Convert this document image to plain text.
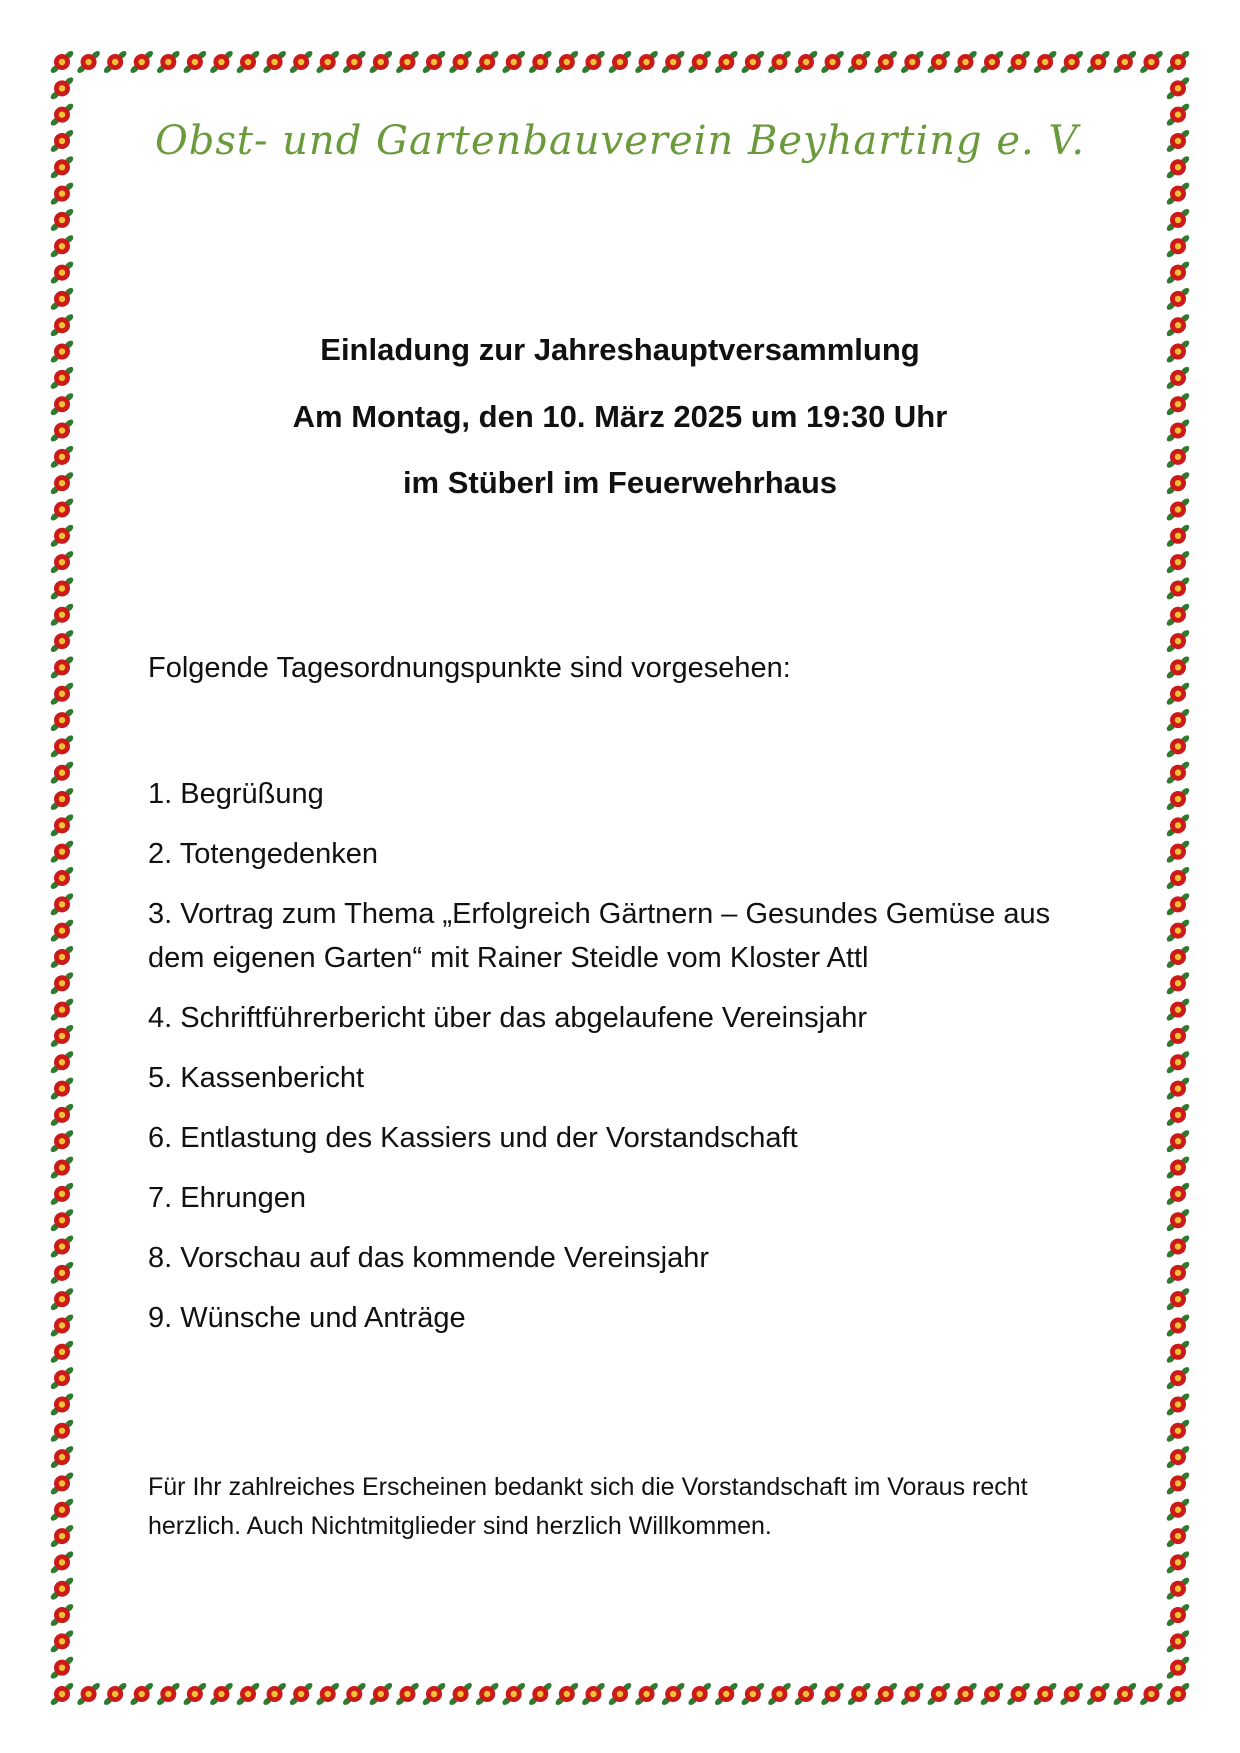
Obst- und Gartenbauverein Beyharting e. V.
Einladung zur Jahreshauptversammlung
Am Montag, den 10. März 2025 um 19:30 Uhr
im Stüberl im Feuerwehrhaus
Folgende Tagesordnungspunkte sind vorgesehen:
1. Begrüßung
2. Totengedenken
3. Vortrag zum Thema „Erfolgreich Gärtnern – Gesundes Gemüse aus dem eigenen Garten“ mit Rainer Steidle vom Kloster Attl
4. Schriftführerbericht über das abgelaufene Vereinsjahr
5. Kassenbericht
6. Entlastung des Kassiers und der Vorstandschaft
7. Ehrungen
8. Vorschau auf das kommende Vereinsjahr
9. Wünsche und Anträge
Für Ihr zahlreiches Erscheinen bedankt sich die Vorstandschaft im Voraus recht herzlich. Auch Nichtmitglieder sind herzlich Willkommen.
